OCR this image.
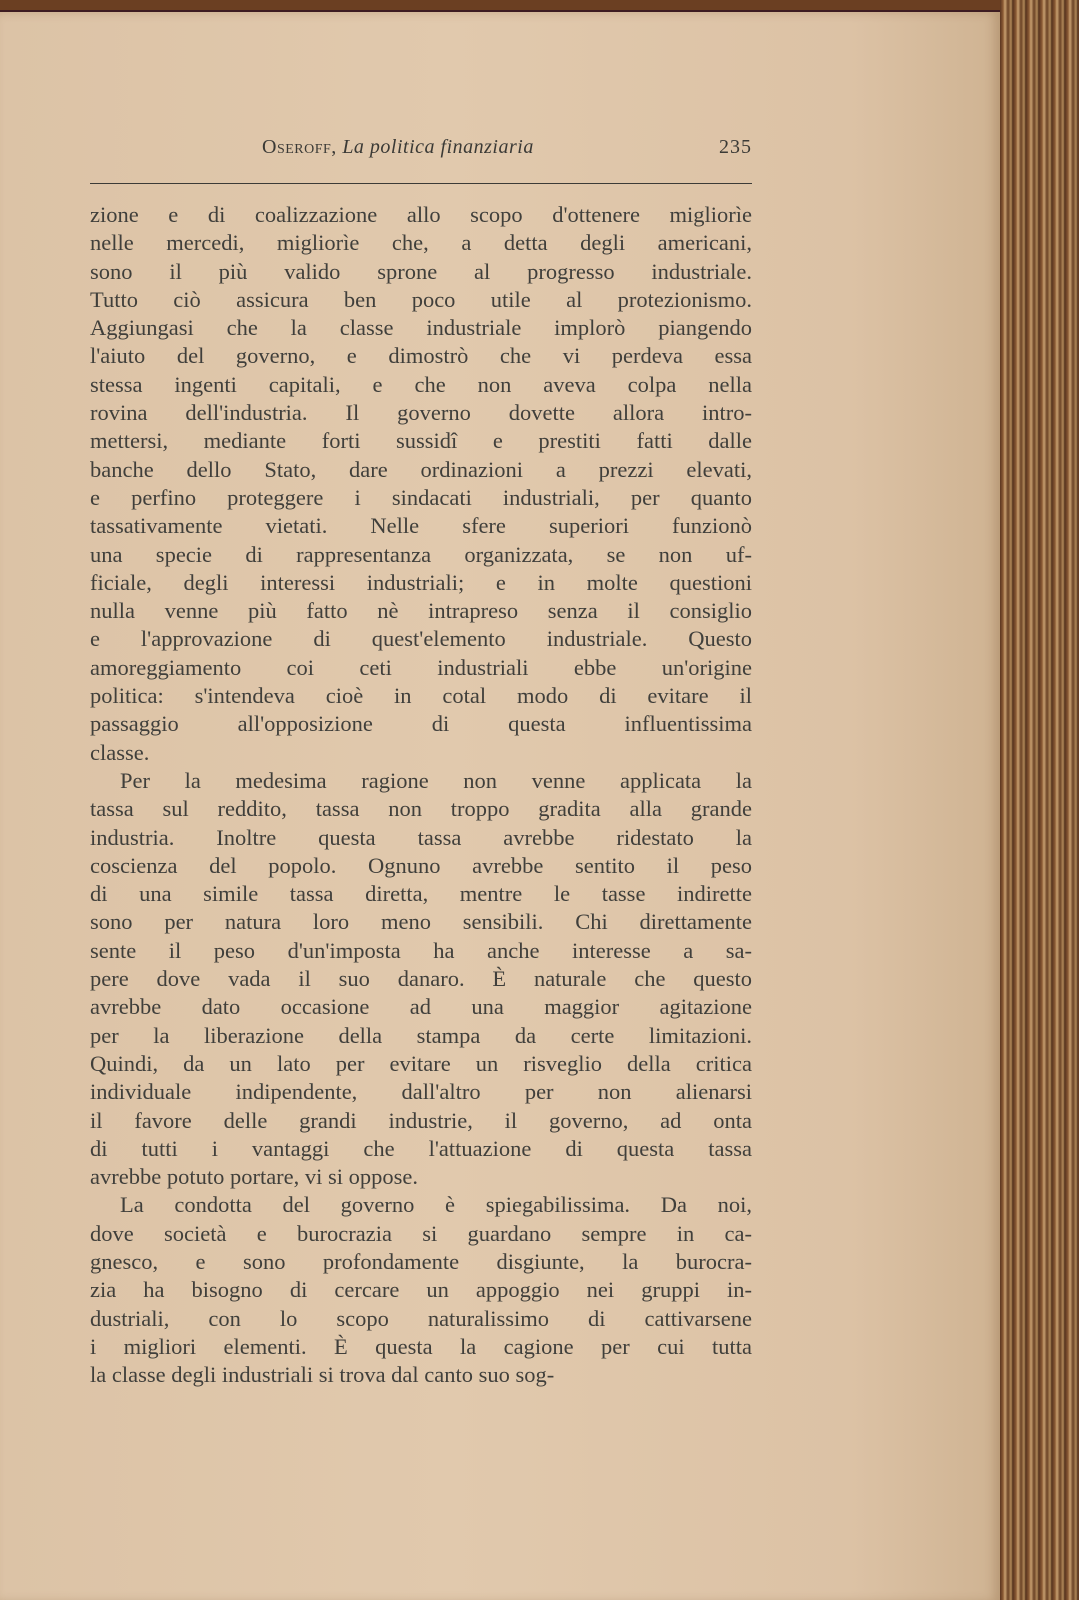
Oseroff, La politica finanziaria	235
zione e di coalizzazione allo scopo d'ottenere migliorìe
nelle mercedi, migliorìe che, a detta degli americani,
sono il più valido sprone al progresso industriale.
Tutto ciò assicura ben poco utile al protezionismo.
Aggiungasi che la classe industriale implorò piangendo
l'aiuto del governo, e dimostrò che vi perdeva essa
stessa ingenti capitali, e che non aveva colpa nella
rovina dell'industria. Il governo dovette allora intro-
mettersi, mediante forti sussidî e prestiti fatti dalle
banche dello Stato, dare ordinazioni a prezzi elevati,
e perfino proteggere i sindacati industriali, per quanto
tassativamente vietati. Nelle sfere superiori funzionò
una specie di rappresentanza organizzata, se non uf-
ficiale, degli interessi industriali; e in molte questioni
nulla venne più fatto nè intrapreso senza il consiglio
e l'approvazione di quest'elemento industriale. Questo
amoreggiamento coi ceti industriali ebbe un'origine
politica: s'intendeva cioè in cotal modo di evitare il
passaggio all'opposizione di questa influentissima
classe.
Per la medesima ragione non venne applicata la
tassa sul reddito, tassa non troppo gradita alla grande
industria. Inoltre questa tassa avrebbe ridestato la
coscienza del popolo. Ognuno avrebbe sentito il peso
di una simile tassa diretta, mentre le tasse indirette
sono per natura loro meno sensibili. Chi direttamente
sente il peso d'un'imposta ha anche interesse a sa-
pere dove vada il suo danaro. È naturale che questo
avrebbe dato occasione ad una maggior agitazione
per la liberazione della stampa da certe limitazioni.
Quindi, da un lato per evitare un risveglio della critica
individuale indipendente, dall'altro per non alienarsi
il favore delle grandi industrie, il governo, ad onta
di tutti i vantaggi che l'attuazione di questa tassa
avrebbe potuto portare, vi si oppose.
La condotta del governo è spiegabilissima. Da noi,
dove società e burocrazia si guardano sempre in ca-
gnesco, e sono profondamente disgiunte, la burocra-
zia ha bisogno di cercare un appoggio nei gruppi in-
dustriali, con lo scopo naturalissimo di cattivarsene
i migliori elementi. È questa la cagione per cui tutta
la classe degli industriali si trova dal canto suo sog-
